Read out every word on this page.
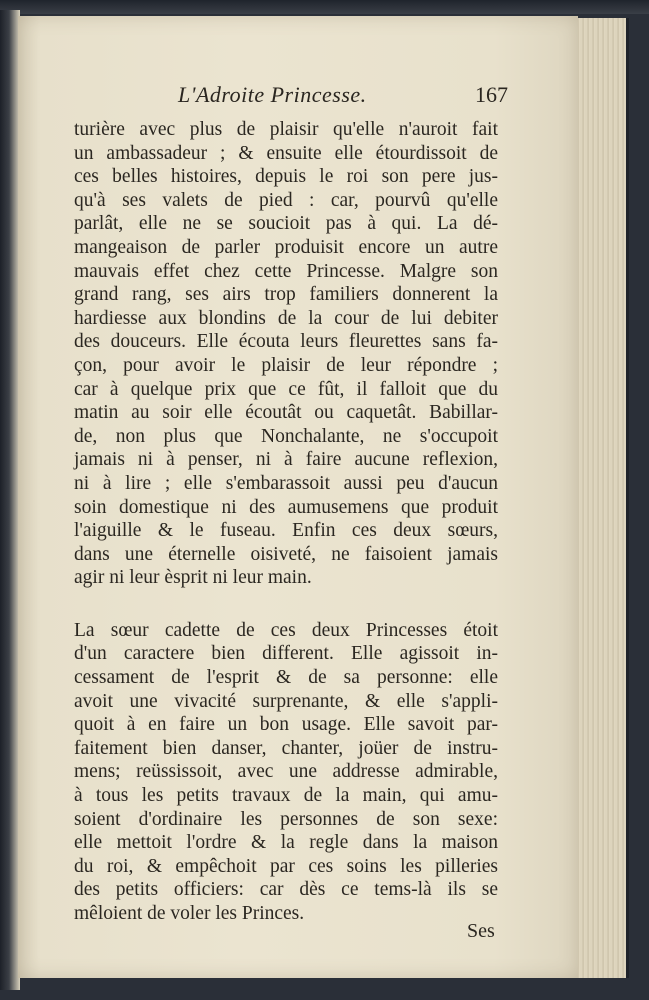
L'Adroite Princesse.	167
turière avec plus de plaisir qu'elle n'auroit fait
un ambassadeur ; & ensuite elle étourdissoit de
ces belles histoires, depuis le roi son pere jus-
qu'à ses valets de pied : car, pourvû qu'elle
parlât, elle ne se soucioit pas à qui. La dé-
mangeaison de parler produisit encore un autre
mauvais effet chez cette Princesse. Malgre son
grand rang, ses airs trop familiers donnerent la
hardiesse aux blondins de la cour de lui debiter
des douceurs. Elle écouta leurs fleurettes sans fa-
çon, pour avoir le plaisir de leur répondre ;
car à quelque prix que ce fût, il falloit que du
matin au soir elle écoutât ou caquetât. Babillar-
de, non plus que Nonchalante, ne s'occupoit
jamais ni à penser, ni à faire aucune reflexion,
ni à lire ; elle s'embarassoit aussi peu d'aucun
soin domestique ni des aumusemens que produit
l'aiguille & le fuseau. Enfin ces deux sœurs,
dans une éternelle oisiveté, ne faisoient jamais
agir ni leur èsprit ni leur main.
La sœur cadette de ces deux Princesses étoit
d'un caractere bien different. Elle agissoit in-
cessament de l'esprit & de sa personne: elle
avoit une vivacité surprenante, & elle s'appli-
quoit à en faire un bon usage. Elle savoit par-
faitement bien danser, chanter, joüer de instru-
mens; reüssissoit, avec une addresse admirable,
à tous les petits travaux de la main, qui amu-
soient d'ordinaire les personnes de son sexe:
elle mettoit l'ordre & la regle dans la maison
du roi, & empêchoit par ces soins les pilleries
des petits officiers: car dès ce tems-là ils se
mêloient de voler les Princes.
Ses
